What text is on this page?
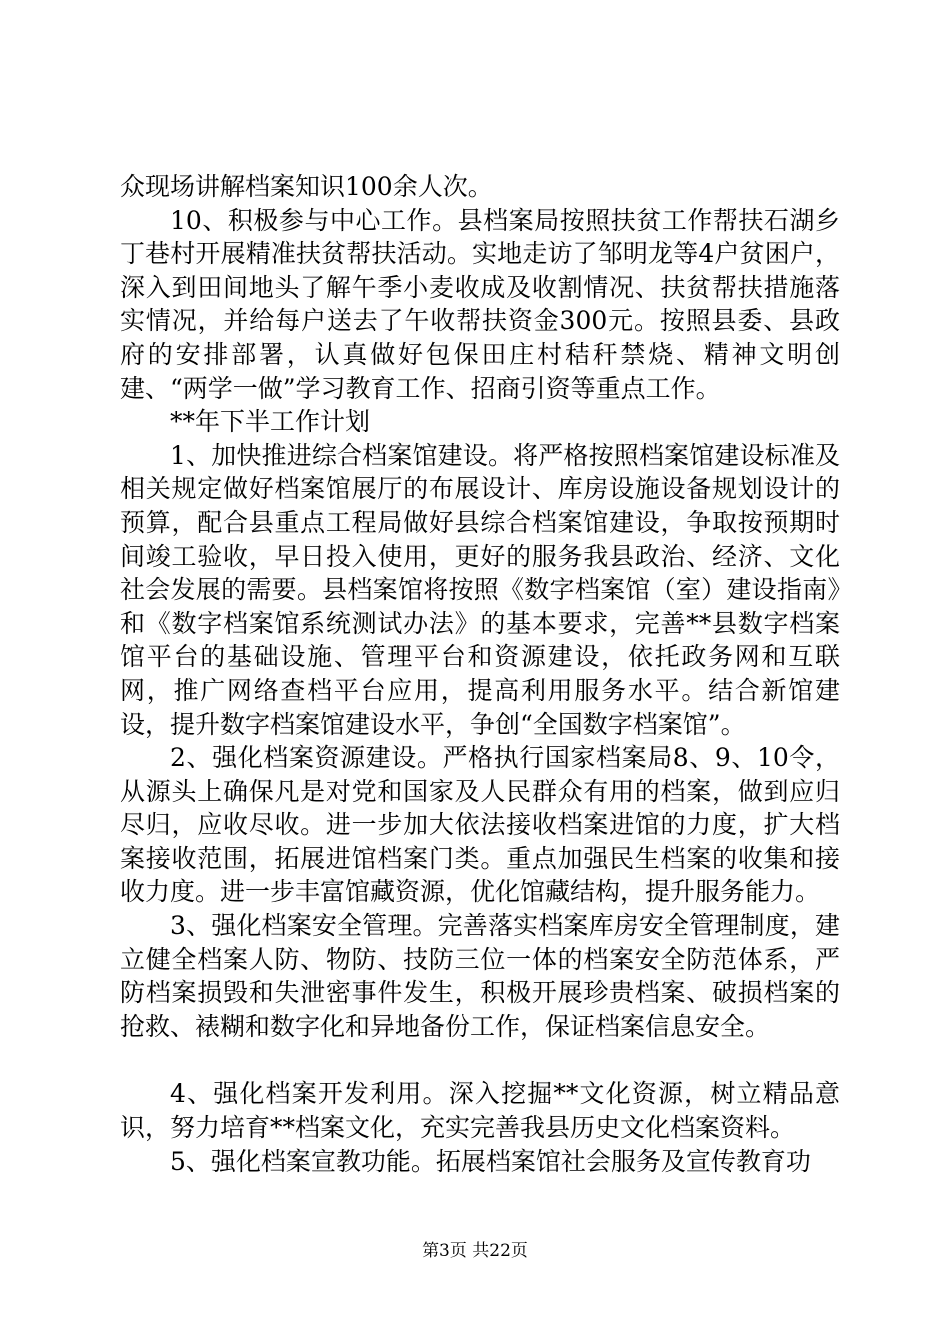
众现场讲解档案知识100余人次。

10、积极参与中心工作。县档案局按照扶贫工作帮扶石湖乡丁巷村开展精准扶贫帮扶活动。实地走访了邹明龙等4户贫困户，深入到田间地头了解午季小麦收成及收割情况、扶贫帮扶措施落实情况，并给每户送去了午收帮扶资金300元。按照县委、县政府的安排部署，认真做好包保田庄村秸秆禁烧、精神文明创建、“两学一做”学习教育工作、招商引资等重点工作。

**年下半工作计划

1、加快推进综合档案馆建设。将严格按照档案馆建设标准及相关规定做好档案馆展厅的布展设计、库房设施设备规划设计的预算，配合县重点工程局做好县综合档案馆建设，争取按预期时间竣工验收，早日投入使用，更好的服务我县政治、经济、文化社会发展的需要。县档案馆将按照《数字档案馆（室）建设指南》和《数字档案馆系统测试办法》的基本要求，完善**县数字档案馆平台的基础设施、管理平台和资源建设，依托政务网和互联网，推广网络查档平台应用，提高利用服务水平。结合新馆建设，提升数字档案馆建设水平，争创“全国数字档案馆”。

2、强化档案资源建设。严格执行国家档案局8、9、10令，从源头上确保凡是对党和国家及人民群众有用的档案，做到应归尽归，应收尽收。进一步加大依法接收档案进馆的力度，扩大档案接收范围，拓展进馆档案门类。重点加强民生档案的收集和接收力度。进一步丰富馆藏资源，优化馆藏结构，提升服务能力。

3、强化档案安全管理。完善落实档案库房安全管理制度，建立健全档案人防、物防、技防三位一体的档案安全防范体系，严防档案损毁和失泄密事件发生，积极开展珍贵档案、破损档案的抢救、裱糊和数字化和异地备份工作，保证档案信息安全。

4、强化档案开发利用。深入挖掘**文化资源，树立精品意识，努力培育**档案文化，充实完善我县历史文化档案资料。

5、强化档案宣教功能。拓展档案馆社会服务及宣传教育功

第3页 共22页
